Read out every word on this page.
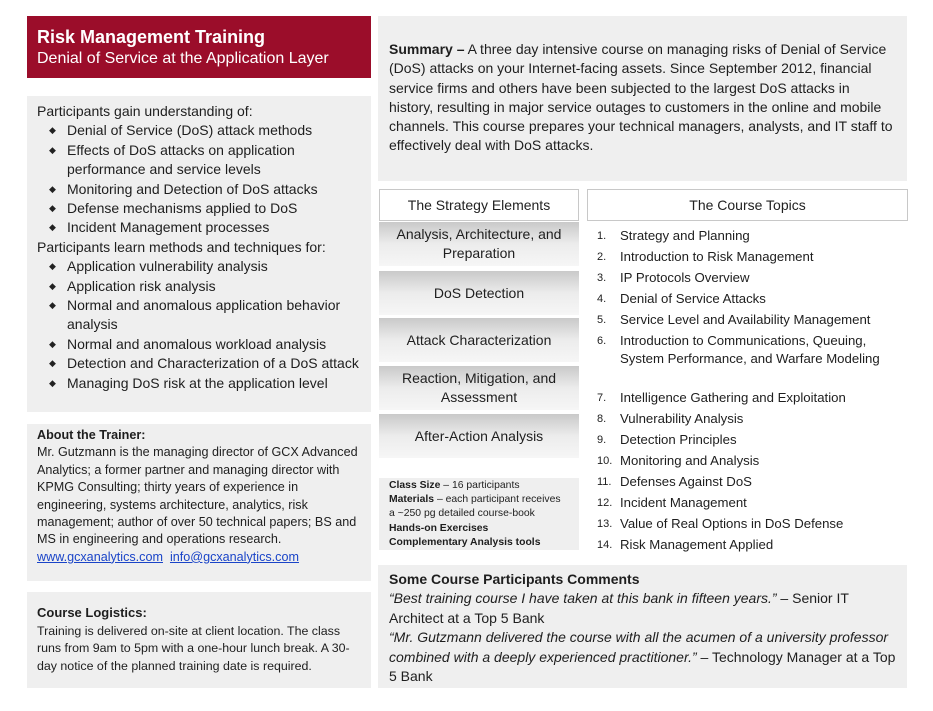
Risk Management Training
Denial of Service at the Application Layer
Participants gain understanding of:
◆ Denial of Service (DoS) attack methods
◆ Effects of DoS attacks on application performance and service levels
◆ Monitoring and Detection of DoS attacks
◆ Defense mechanisms applied to DoS
◆ Incident Management processes
Participants learn methods and techniques for:
◆ Application vulnerability analysis
◆ Application risk analysis
◆ Normal and anomalous application behavior analysis
◆ Normal and anomalous workload analysis
◆ Detection and Characterization of a DoS attack
◆ Managing DoS risk at the application level
About the Trainer:
Mr. Gutzmann is the managing director of GCX Advanced Analytics; a former partner and managing director with KPMG Consulting; thirty years of experience in engineering, systems architecture, analytics, risk management; author of over 50 technical papers; BS and MS in engineering and operations research.
www.gcxanalytics.com info@gcxanalytics.com
Course Logistics:
Training is delivered on-site at client location. The class runs from 9am to 5pm with a one-hour lunch break. A 30-day notice of the planned training date is required.
Summary – A three day intensive course on managing risks of Denial of Service (DoS) attacks on your Internet-facing assets. Since September 2012, financial service firms and others have been subjected to the largest DoS attacks in history, resulting in major service outages to customers in the online and mobile channels. This course prepares your technical managers, analysts, and IT staff to effectively deal with DoS attacks.
The Strategy Elements
Analysis, Architecture, and Preparation
DoS Detection
Attack Characterization
Reaction, Mitigation, and Assessment
After-Action Analysis
Class Size – 16 participants
Materials – each participant receives a ~250 pg detailed course-book
Hands-on Exercises
Complementary Analysis tools
The Course Topics
1.	Strategy and Planning
2.	Introduction to Risk Management
3.	IP Protocols Overview
4.	Denial of Service Attacks
5.	Service Level and Availability Management
6.	Introduction to Communications, Queuing, System Performance, and Warfare Modeling
7.	Intelligence Gathering and Exploitation
8.	Vulnerability Analysis
9.	Detection Principles
10. Monitoring and Analysis
11. Defenses Against DoS
12. Incident Management
13. Value of Real Options in DoS Defense
14. Risk Management Applied
Some Course Participants Comments
“Best training course I have taken at this bank in fifteen years.” – Senior IT Architect at a Top 5 Bank
“Mr. Gutzmann delivered the course with all the acumen of a university professor combined with a deeply experienced practitioner.” – Technology Manager at a Top 5 Bank
